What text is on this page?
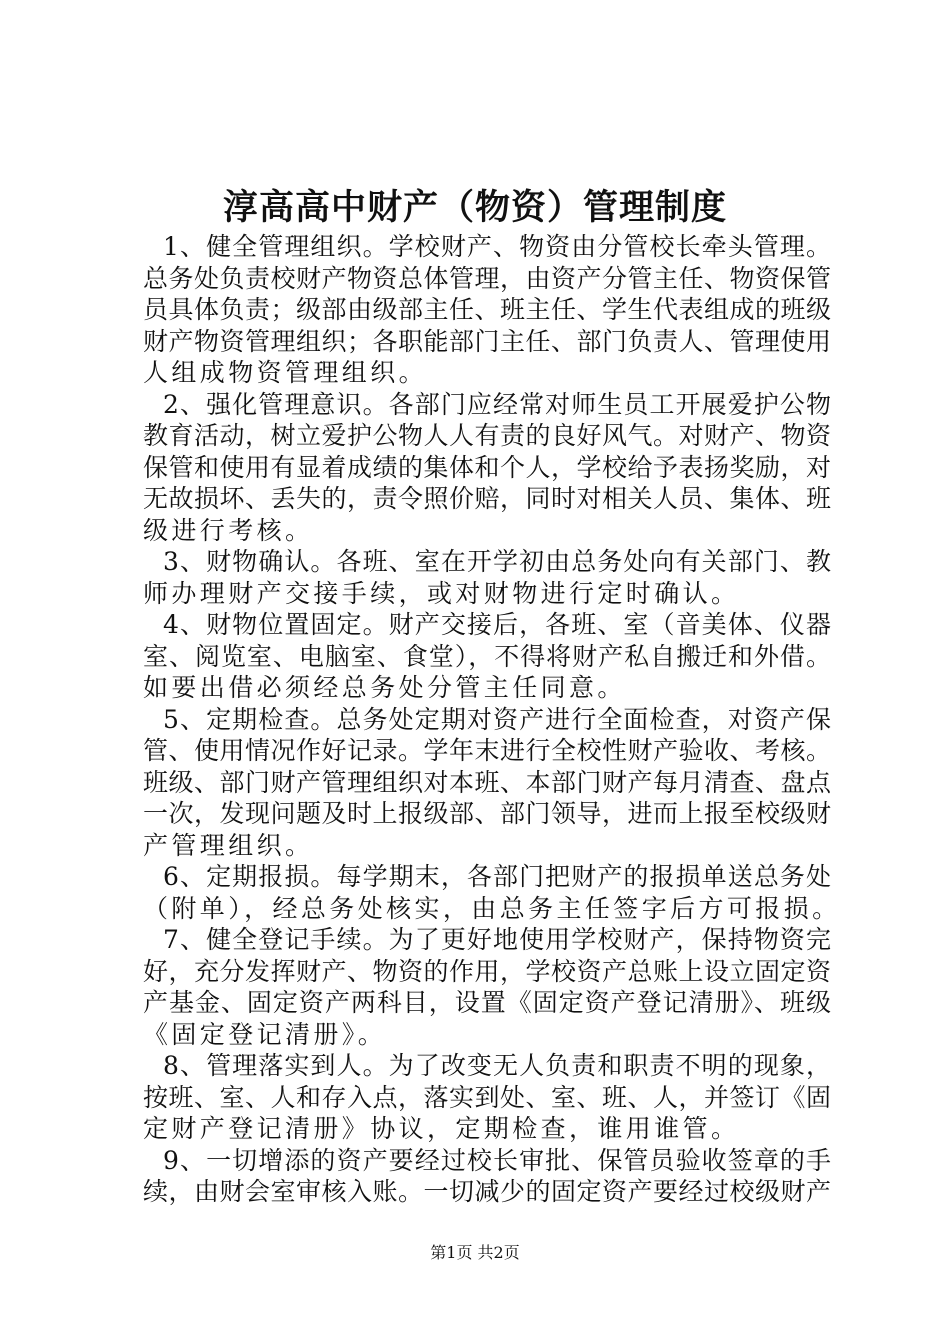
淳高高中财产（物资）管理制度
1、健全管理组织。学校财产、物资由分管校长牵头管理。
总务处负责校财产物资总体管理，由资产分管主任、物资保管
员具体负责；级部由级部主任、班主任、学生代表组成的班级
财产物资管理组织；各职能部门主任、部门负责人、管理使用
人组成物资管理组织。
2、强化管理意识。各部门应经常对师生员工开展爱护公物
教育活动，树立爱护公物人人有责的良好风气。对财产、物资
保管和使用有显着成绩的集体和个人，学校给予表扬奖励，对
无故损坏、丢失的，责令照价赔，同时对相关人员、集体、班
级进行考核。
3、财物确认。各班、室在开学初由总务处向有关部门、教
师办理财产交接手续，或对财物进行定时确认。
4、财物位置固定。财产交接后，各班、室（音美体、仪器
室、阅览室、电脑室、食堂），不得将财产私自搬迁和外借。
如要出借必须经总务处分管主任同意。
5、定期检查。总务处定期对资产进行全面检查，对资产保
管、使用情况作好记录。学年末进行全校性财产验收、考核。
班级、部门财产管理组织对本班、本部门财产每月清查、盘点
一次，发现问题及时上报级部、部门领导，进而上报至校级财
产管理组织。
6、定期报损。每学期末，各部门把财产的报损单送总务处
（附单），经总务处核实，由总务主任签字后方可报损。
7、健全登记手续。为了更好地使用学校财产，保持物资完
好，充分发挥财产、物资的作用，学校资产总账上设立固定资
产基金、固定资产两科目，设置《固定资产登记清册》、班级
《固定登记清册》。
8、管理落实到人。为了改变无人负责和职责不明的现象，
按班、室、人和存入点，落实到处、室、班、人，并签订《固
定财产登记清册》协议，定期检查，谁用谁管。
9、一切增添的资产要经过校长审批、保管员验收签章的手
续，由财会室审核入账。一切减少的固定资产要经过校级财产
第1页 共2页
